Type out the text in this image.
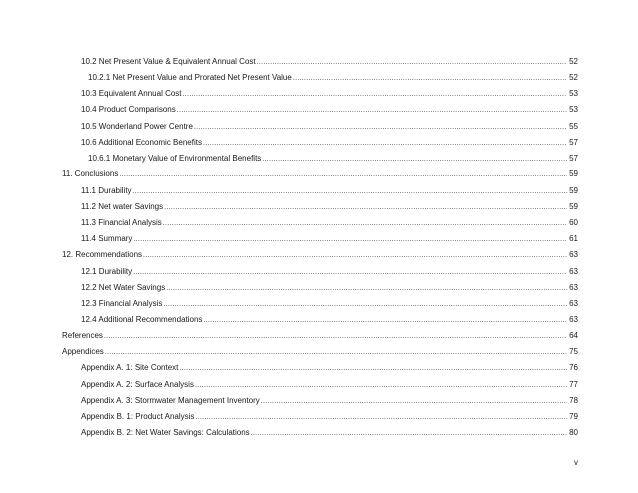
10.2 Net Present Value & Equivalent Annual Cost .....	52
10.2.1 Net Present Value and Prorated Net Present Value .....	52
10.3 Equivalent Annual Cost .....	53
10.4 Product Comparisons .....	53
10.5 Wonderland Power Centre .....	55
10.6 Additional Economic Benefits .....	57
10.6.1 Monetary Value of Environmental Benefits .....	57
11. Conclusions .....	59
11.1 Durability .....	59
11.2 Net water Savings .....	59
11.3 Financial Analysis .....	60
11.4 Summary .....	61
12. Recommendations .....	63
12.1 Durability .....	63
12.2 Net Water Savings .....	63
12.3 Financial Analysis .....	63
12.4 Additional Recommendations .....	63
References .....	64
Appendices .....	75
Appendix A. 1: Site Context .....	76
Appendix A. 2: Surface Analysis .....	77
Appendix A. 3: Stormwater Management Inventory .....	78
Appendix B. 1: Product Analysis .....	79
Appendix B. 2: Net Water Savings: Calculations .....	80
v
